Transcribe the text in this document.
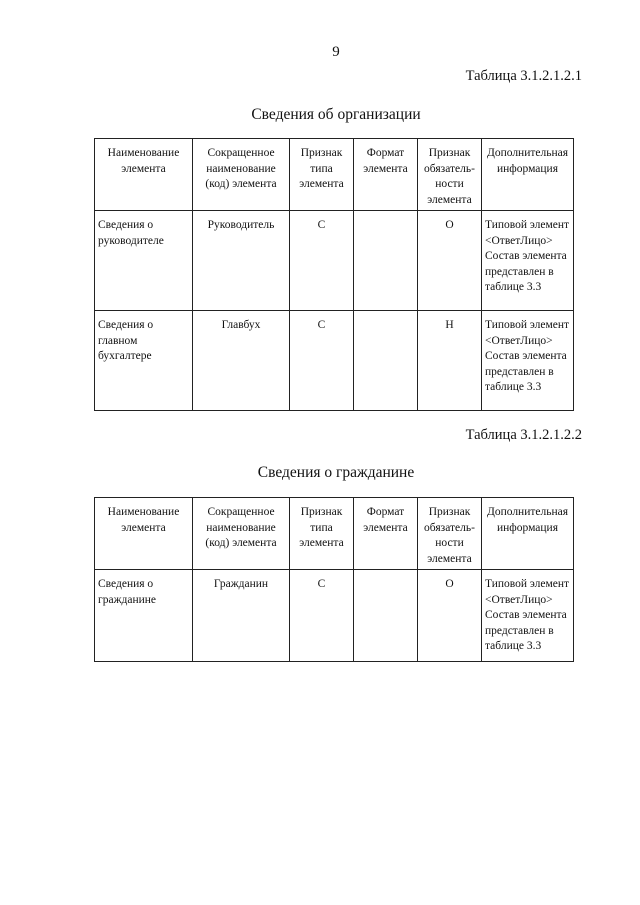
9
Таблица 3.1.2.1.2.1
Сведения об организации
Наименование элемента	Сокращенное наименование (код) элемента	Признак типа элемента	Формат элемента	Признак обязатель-ности элемента	Дополнительная информация
Сведения о руководителе	Руководитель	С		О	Типовой элемент <ОтветЛицо> Состав элемента представлен в таблице 3.3
Сведения о главном бухгалтере	Главбух	С		Н	Типовой элемент <ОтветЛицо> Состав элемента представлен в таблице 3.3
Таблица 3.1.2.1.2.2
Сведения о гражданине
Наименование элемента	Сокращенное наименование (код) элемента	Признак типа элемента	Формат элемента	Признак обязатель-ности элемента	Дополнительная информация
Сведения о гражданине	Гражданин	С		О	Типовой элемент <ОтветЛицо> Состав элемента представлен в таблице 3.3
